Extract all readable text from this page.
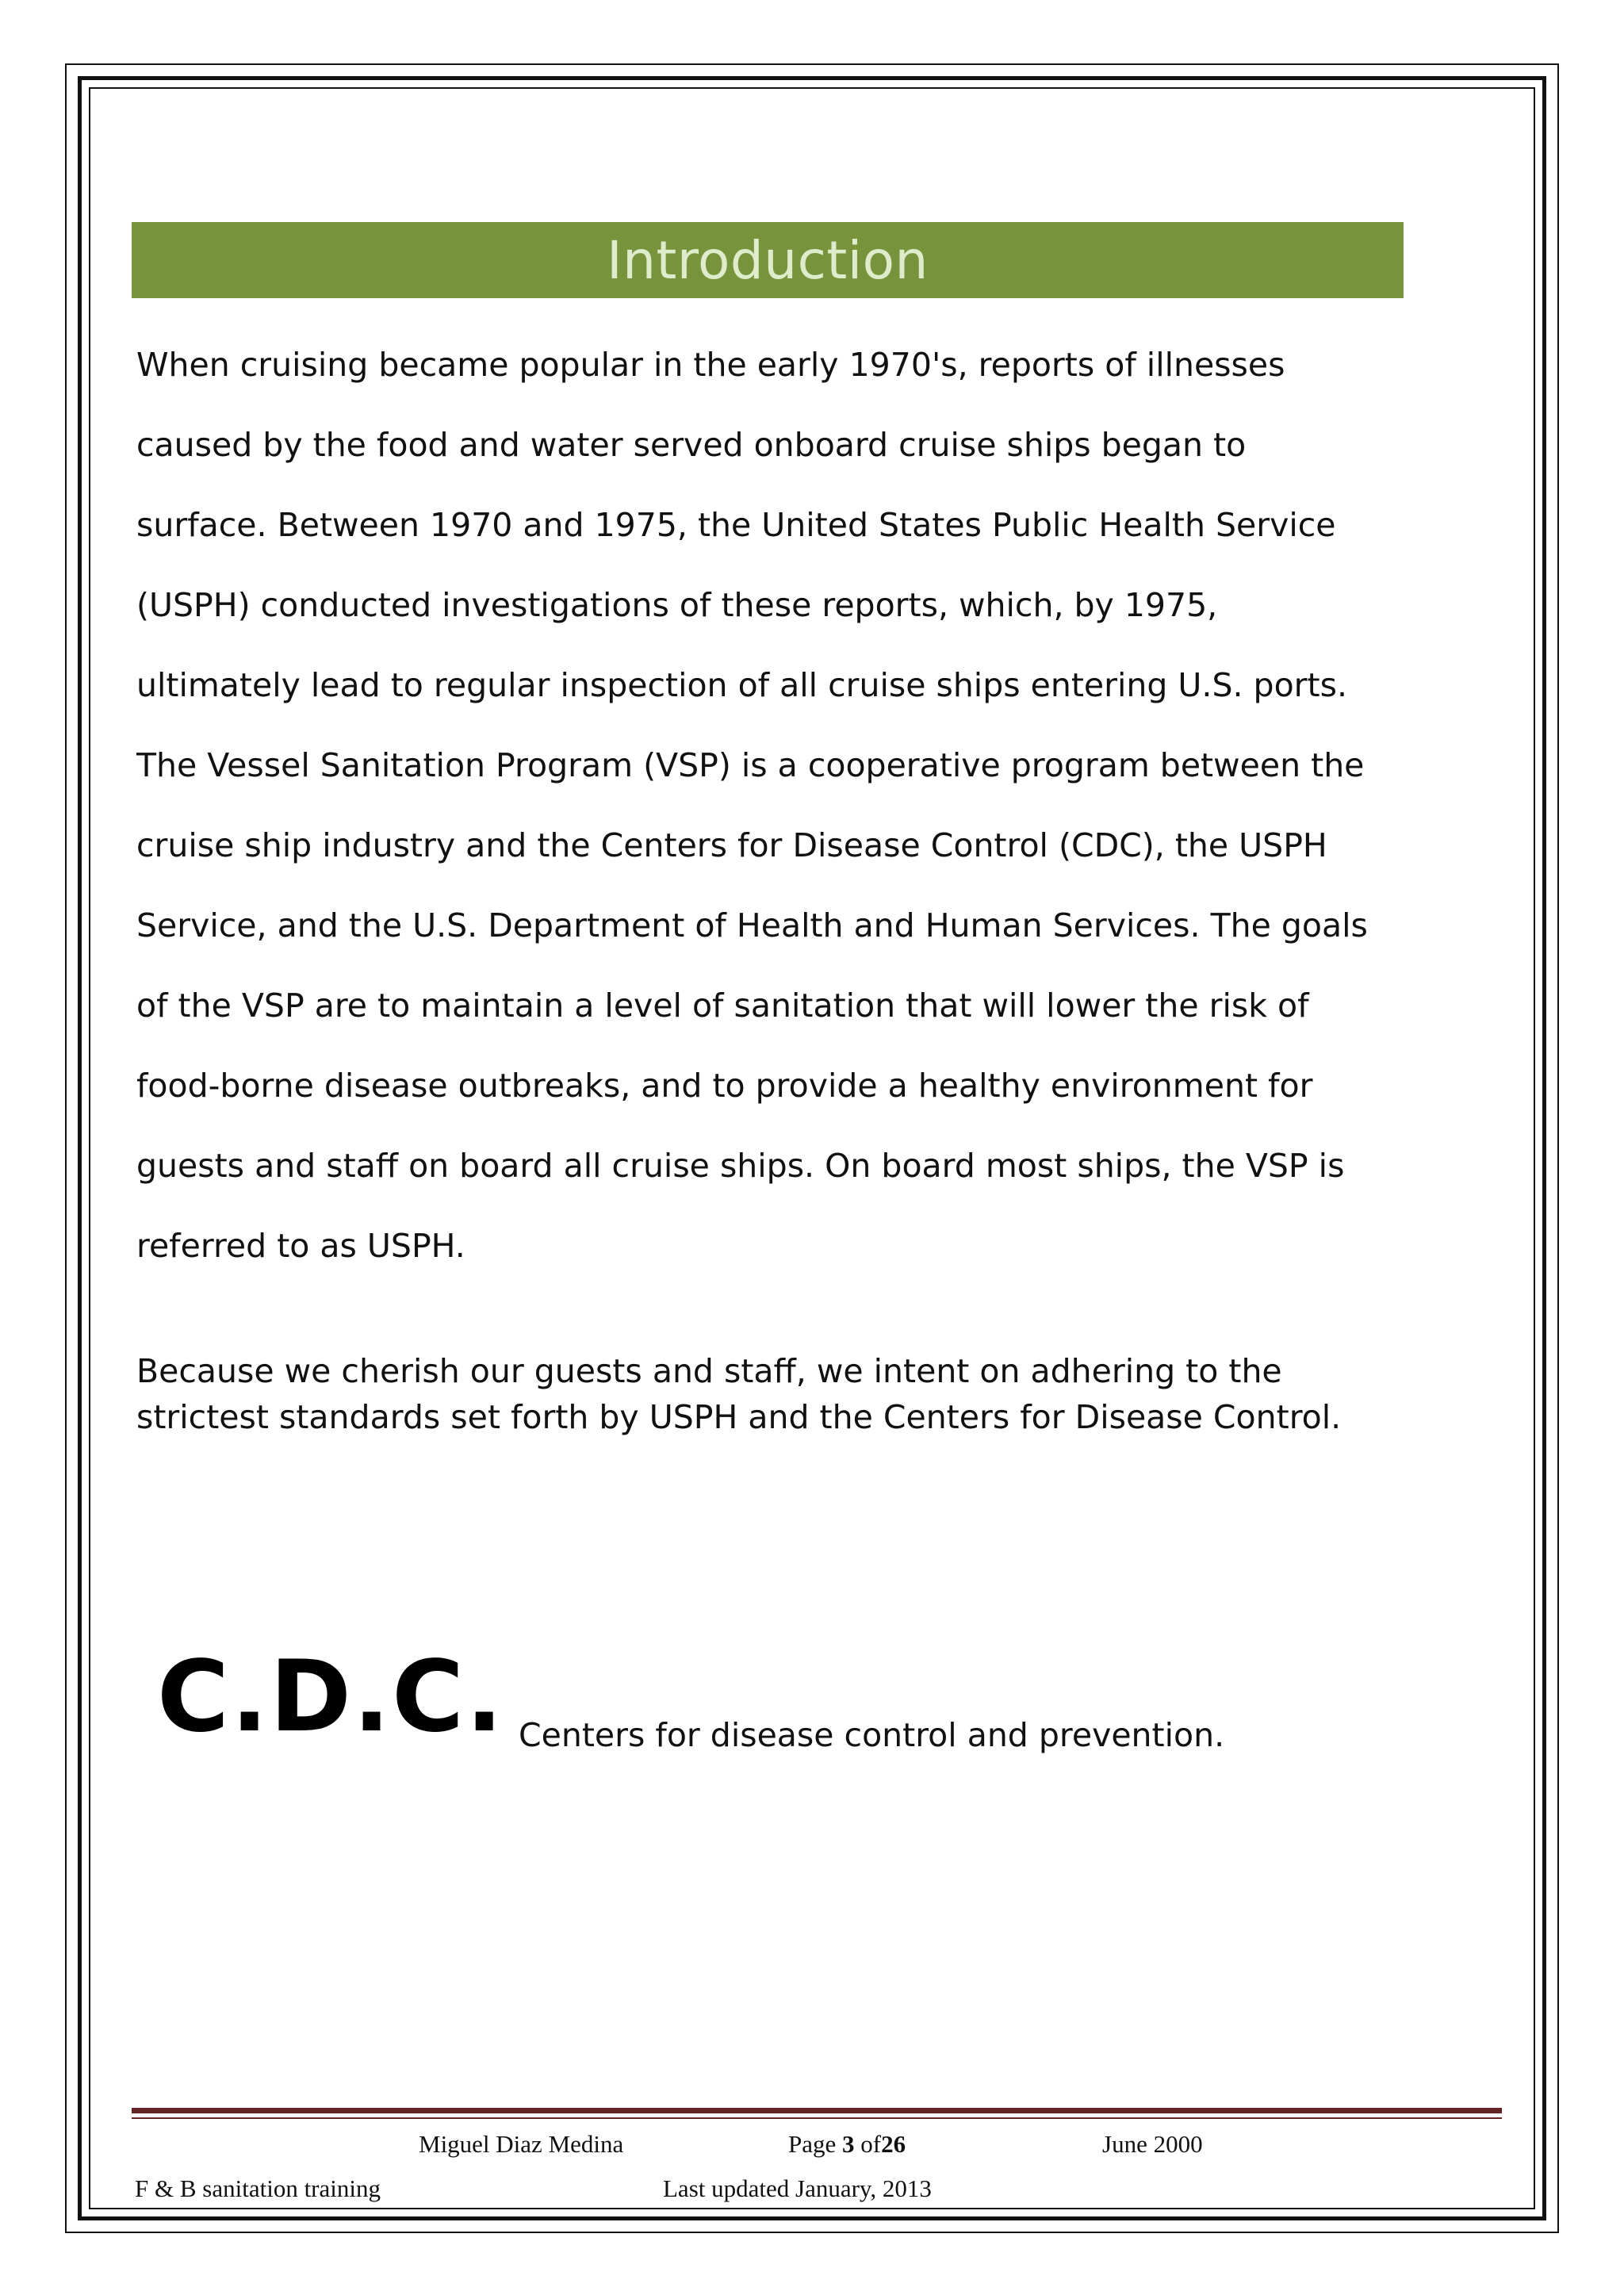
Introduction

When cruising became popular in the early 1970's, reports of illnesses

caused by the food and water served onboard cruise ships began to

surface. Between 1970 and 1975, the United States Public Health Service

(USPH) conducted investigations of these reports, which, by 1975,

ultimately lead to regular inspection of all cruise ships entering U.S. ports.

The Vessel Sanitation Program (VSP) is a cooperative program between the

cruise ship industry and the Centers for Disease Control (CDC), the USPH

Service, and the U.S. Department of Health and Human Services. The goals

of the VSP are to maintain a level of sanitation that will lower the risk of

food-borne disease outbreaks, and to provide a healthy environment for

guests and staff on board all cruise ships. On board most ships, the VSP is

referred to as USPH.

Because we cherish our guests and staff, we intent on adhering to the

strictest standards set forth by USPH and the Centers for Disease Control.

C.D.C. Centers for disease control and prevention.
Miguel Diaz Medina	Page 3 of26	June 2000
F & B sanitation training	Last updated January, 2013
